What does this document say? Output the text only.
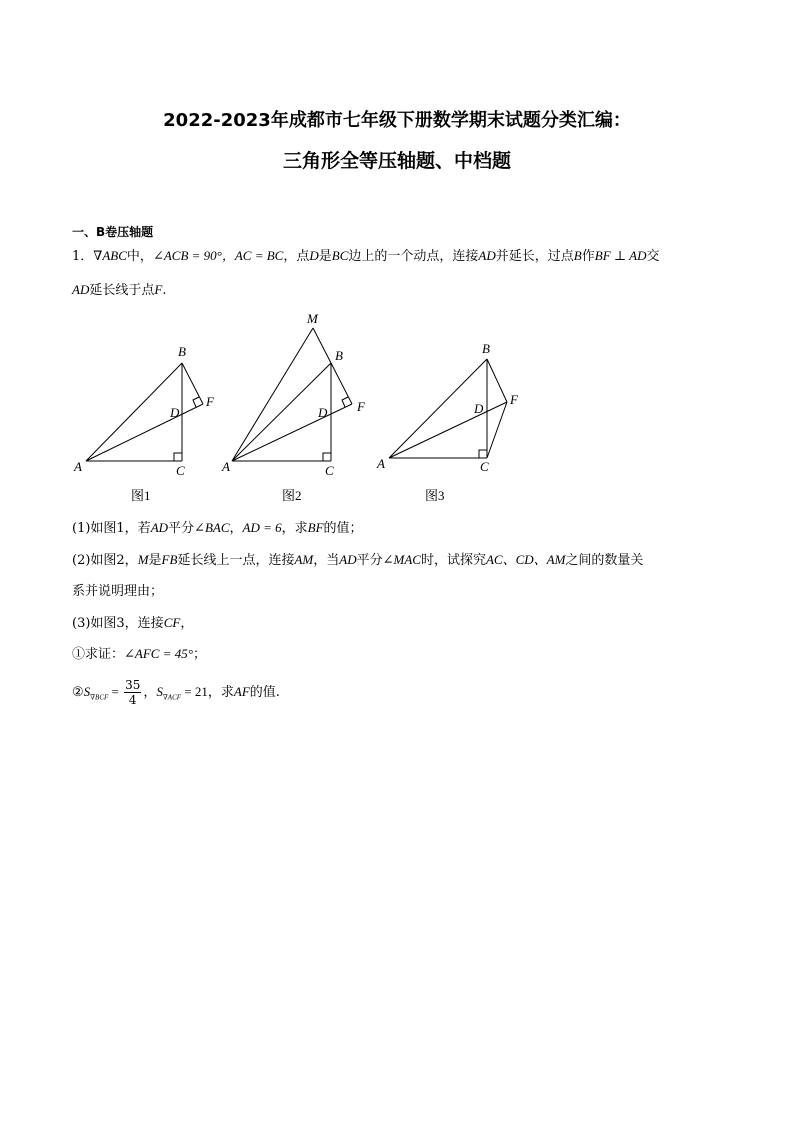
2022-2023年成都市七年级下册数学期末试题分类汇编：
三角形全等压轴题、中档题
一、B卷压轴题
1．∇ABC中，∠ACB = 90°，AC = BC，点D是BC边上的一个动点，连接AD并延长，过点B作BF ⊥ AD交
AD延长线于点F.
B
F
D
A	C
M
B
F
D
A	C
B
F
D
A	C
图1	图2	图3
(1)如图1，若AD平分∠BAC，AD = 6，求BF的值；
(2)如图2，M是FB延长线上一点，连接AM，当AD平分∠MAC时，试探究AC、CD、AM之间的数量关
系并说明理由；
(3)如图3，连接CF，
①求证：∠AFC = 45°；
$②S_{\nabla BCF} = \frac{35}{4}$ ，$S_{\nabla ACF} = 21$，求AF的值.
